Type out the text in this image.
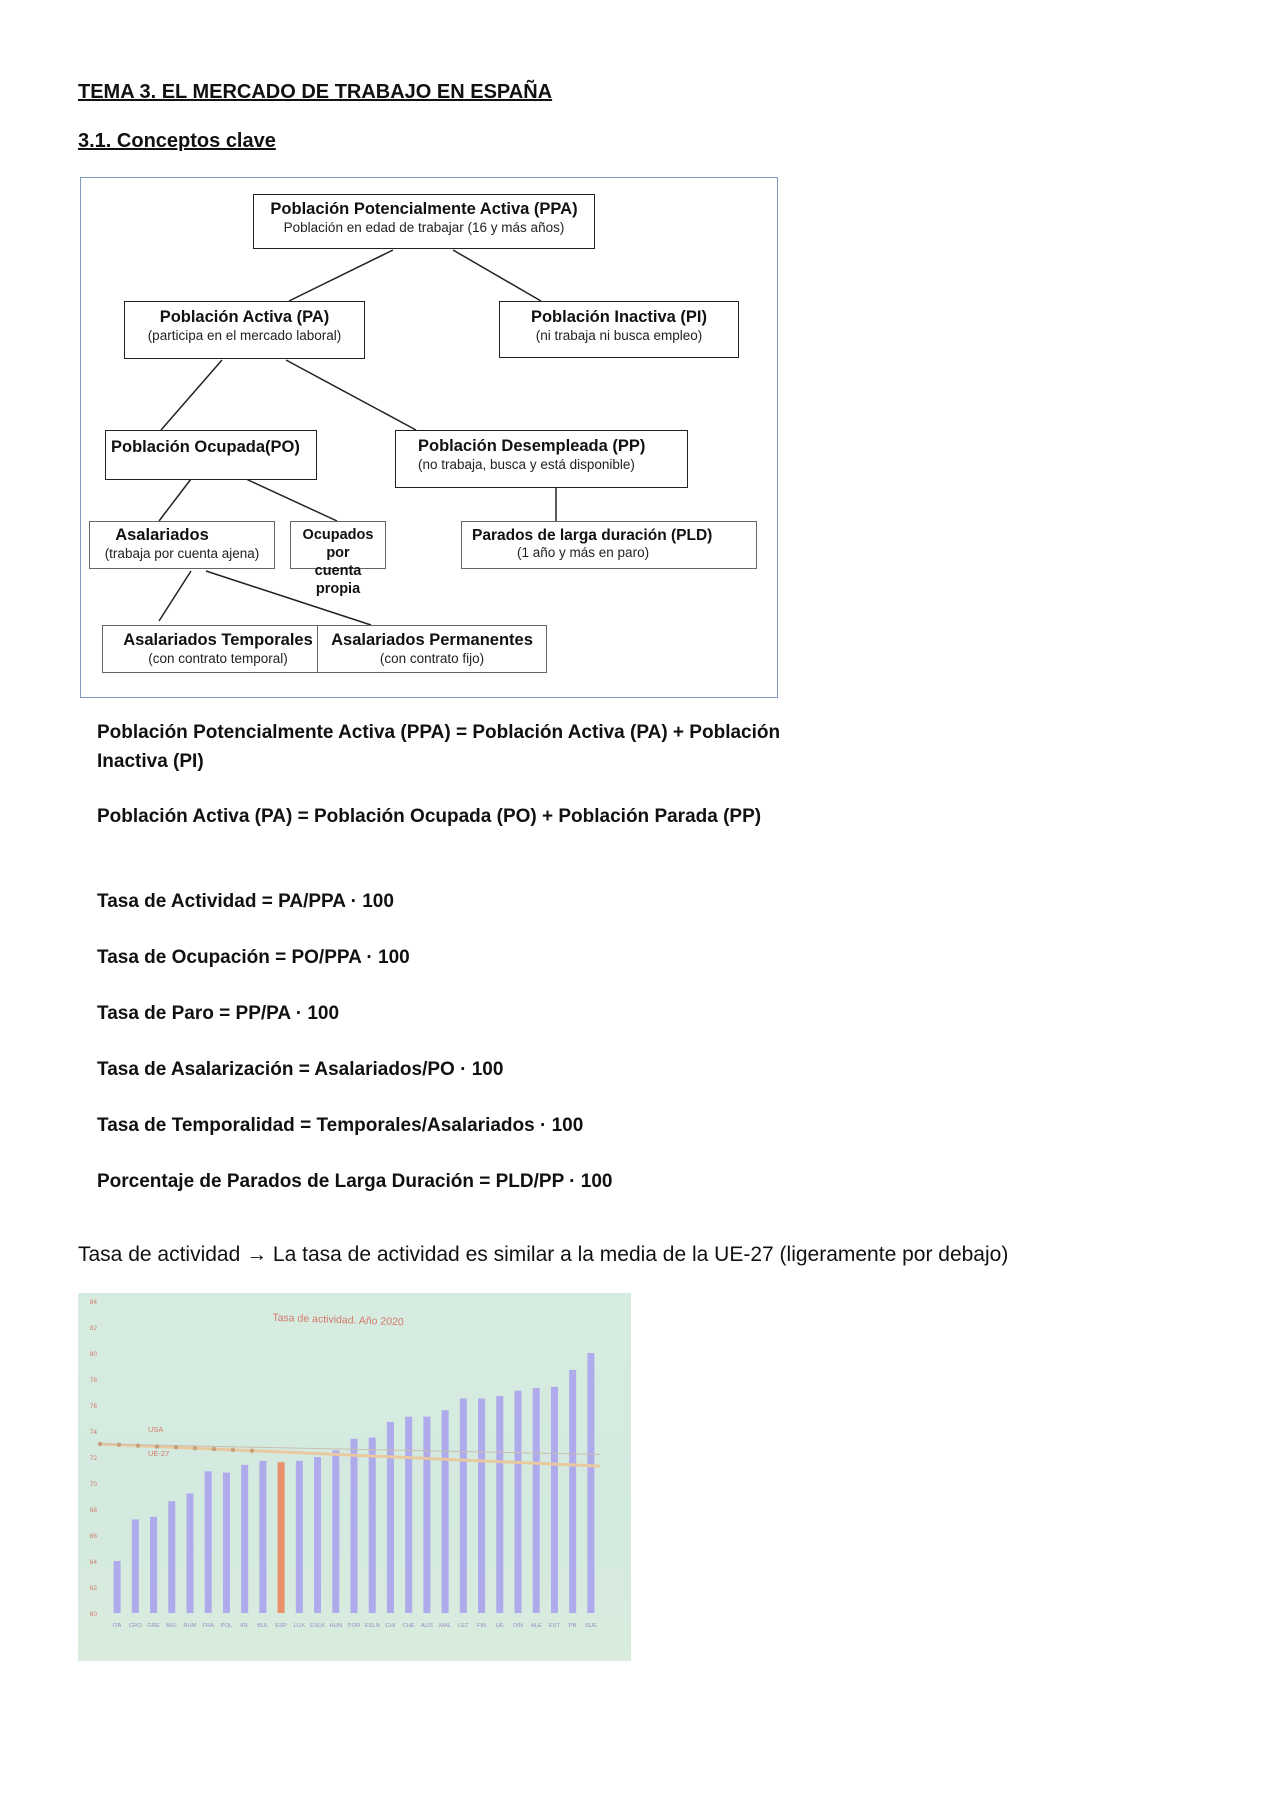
TEMA 3. EL MERCADO DE TRABAJO EN ESPAÑA
3.1. Conceptos clave
Población Potencialmente Activa (PPA)
Población en edad de trabajar (16 y más años)
Población Activa (PA)
(participa en el mercado laboral)
Población Inactiva (PI)
(ni trabaja ni busca empleo)
Población Ocupada(PO)	Población Desempleada (PP)
(no trabaja, busca y está disponible)
Asalariados
(trabaja por cuenta ajena)
Ocupados por
cuenta propia
Parados de larga duración (PLD)
(1 año y más en paro)
Asalariados Temporales
(con contrato temporal)
Asalariados Permanentes
(con contrato fijo)

Población Potencialmente Activa (PPA) = Población Activa (PA) + Población
Inactiva (PI)

Población Activa (PA) = Población Ocupada (PO) + Población Parada (PP)

Tasa de Actividad = PA/PPA · 100

Tasa de Ocupación = PO/PPA · 100

Tasa de Paro = PP/PA · 100

Tasa de Asalarización = Asalariados/PO · 100

Tasa de Temporalidad = Temporales/Asalariados · 100

Porcentaje de Parados de Larga Duración = PLD/PP · 100

Tasa de actividad → La tasa de actividad es similar a la media de la UE-27 (ligeramente por debajo)

Tasa de actividad. Año 2020
84
82
80
78
76
74
72
70
68
66
64
62
60
UE-27
USA
ITA CRO GRE BEL RUM FRA POL IRL BUL ESP LUX ESLK HUN POR ESLN CHI CHE AUS MAL LET FIN UE DIN ALE EST PB SUE
